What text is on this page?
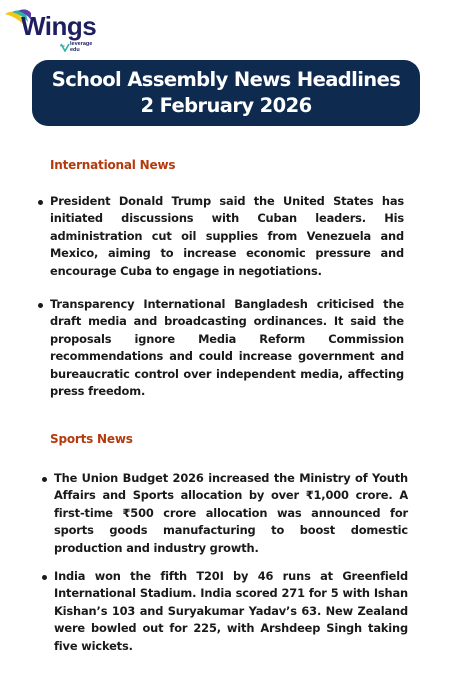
Wings
TM leverage
edu
School Assembly News Headlines
2 February 2026
International News
President Donald Trump said the United States has initiated discussions with Cuban leaders. His administration cut oil supplies from Venezuela and Mexico, aiming to increase economic pressure and encourage Cuba to engage in negotiations.
Transparency International Bangladesh criticised the draft media and broadcasting ordinances. It said the proposals ignore Media Reform Commission recommendations and could increase government and bureaucratic control over independent media, affecting press freedom.
Sports News
The Union Budget 2026 increased the Ministry of Youth Affairs and Sports allocation by over ₹1,000 crore. A first-time ₹500 crore allocation was announced for sports goods manufacturing to boost domestic production and industry growth.
India won the fifth T20I by 46 runs at Greenfield International Stadium. India scored 271 for 5 with Ishan Kishan’s 103 and Suryakumar Yadav’s 63. New Zealand were bowled out for 225, with Arshdeep Singh taking five wickets.
